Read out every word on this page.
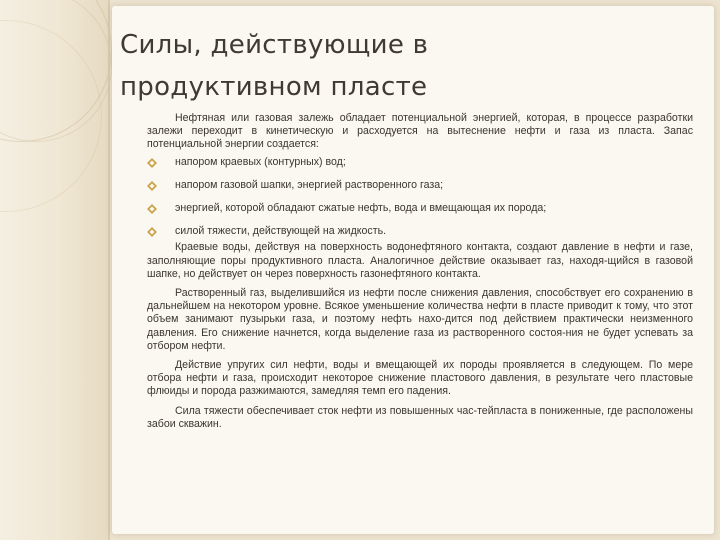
Силы, действующие в продуктивном пласте

Нефтяная или газовая залежь обладает потенциальной энергией, которая, в процессе разработки залежи переходит в кинетическую и расходуется на вытеснение нефти и газа из пласта. Запас потенциальной энергии создается:

напором краевых (контурных) вод;
напором газовой шапки, энергией растворенного газа;
энергией, которой обладают сжатые нефть, вода и вмещающая их порода;
силой тяжести, действующей на жидкость.

Краевые воды, действуя на поверхность водонефтяного контакта, создают давление в нефти и газе, заполняющие поры продуктивного пласта. Аналогичное действие оказывает газ, находя-щийся в газовой шапке, но действует он через поверхность газонефтяного контакта.

Растворенный газ, выделившийся из нефти после снижения давления, способствует его сохранению в дальнейшем на некотором уровне. Всякое уменьшение количества нефти в пласте приводит к тому, что этот объем занимают пузырьки газа, и поэтому нефть нахо-дится под действием практически неизменного давления. Его снижение начнется, когда выделение газа из растворенного состоя-ния не будет успевать за отбором нефти.

Действие упругих сил нефти, воды и вмещающей их породы проявляется в следующем. По мере отбора нефти и газа, происходит некоторое снижение пластового давления, в результате чего пластовые флюиды и порода разжимаются, замедляя темп его падения.

Сила тяжести обеспечивает сток нефти из повышенных час-тейпласта в пониженные, где расположены забои скважин.
